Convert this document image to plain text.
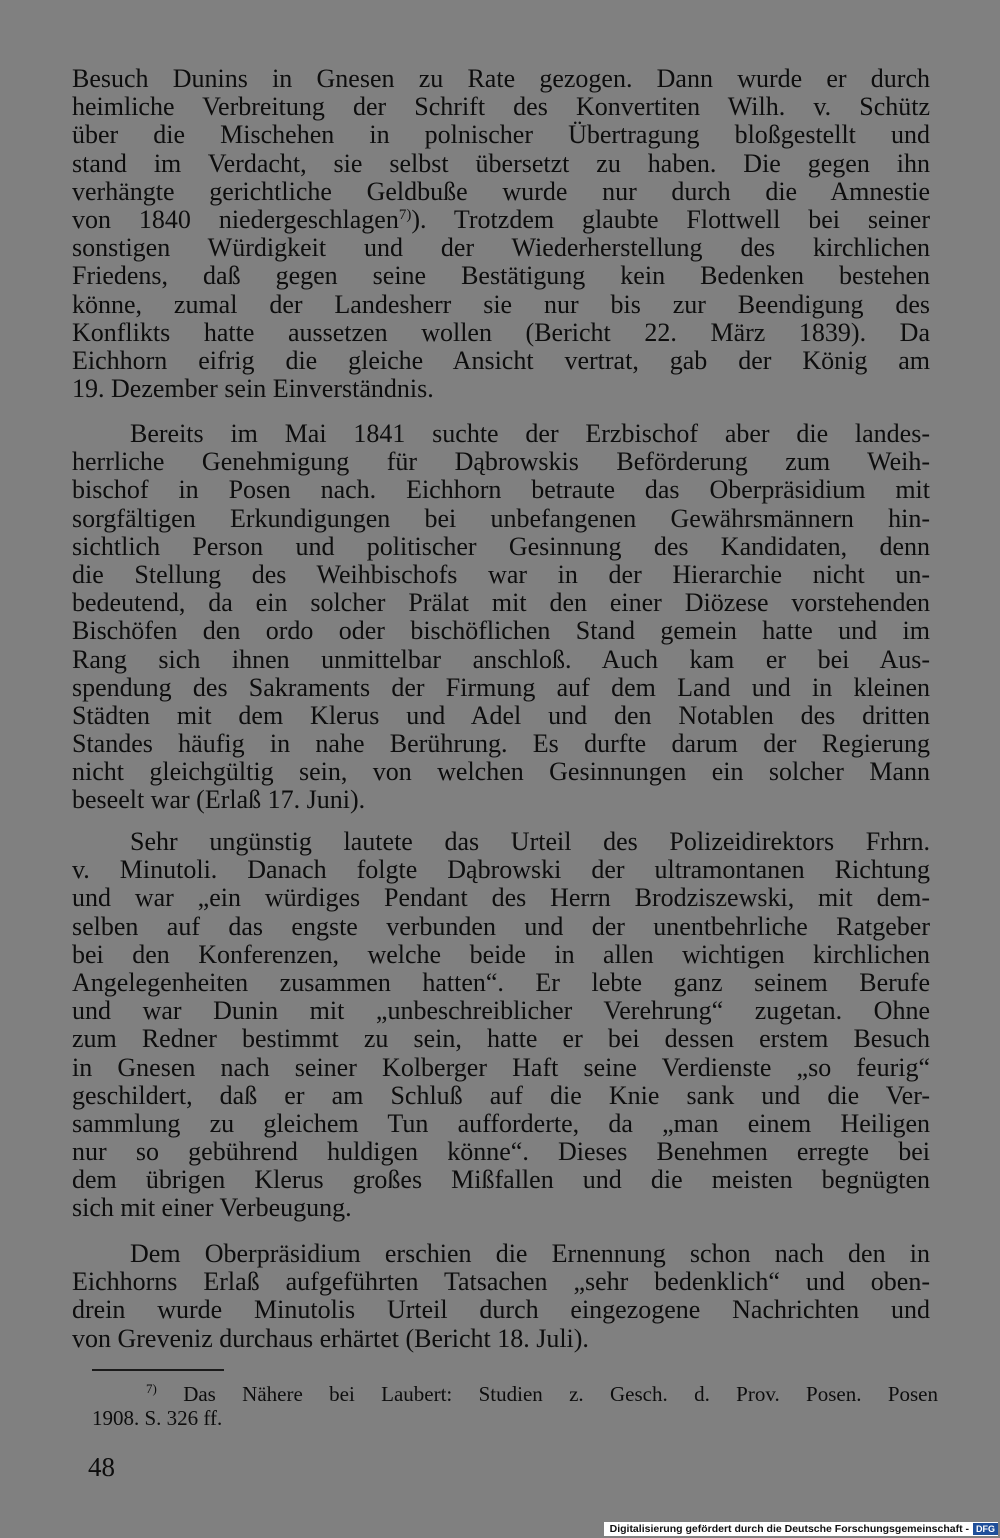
Besuch Dunins in Gnesen zu Rate gezogen. Dann wurde er durch
heimliche Verbreitung der Schrift des Konvertiten Wilh. v. Schütz
über die Mischehen in polnischer Übertragung bloßgestellt und
stand im Verdacht, sie selbst übersetzt zu haben. Die gegen ihn
verhängte gerichtliche Geldbuße wurde nur durch die Amnestie
von 1840 niedergeschlagen$^{7)}$). Trotzdem glaubte Flottwell bei seiner
sonstigen Würdigkeit und der Wiederherstellung des kirchlichen
Friedens, daß gegen seine Bestätigung kein Bedenken bestehen
könne, zumal der Landesherr sie nur bis zur Beendigung des
Konflikts hatte aussetzen wollen (Bericht 22. März 1839). Da
Eichhorn eifrig die gleiche Ansicht vertrat, gab der König am
19. Dezember sein Einverständnis.
Bereits im Mai 1841 suchte der Erzbischof aber die landes-
herrliche Genehmigung für Dąbrowskis Beförderung zum Weih-
bischof in Posen nach. Eichhorn betraute das Oberpräsidium mit
sorgfältigen Erkundigungen bei unbefangenen Gewährsmännern hin-
sichtlich Person und politischer Gesinnung des Kandidaten, denn
die Stellung des Weihbischofs war in der Hierarchie nicht un-
bedeutend, da ein solcher Prälat mit den einer Diözese vorstehenden
Bischöfen den ordo oder bischöflichen Stand gemein hatte und im
Rang sich ihnen unmittelbar anschloß. Auch kam er bei Aus-
spendung des Sakraments der Firmung auf dem Land und in kleinen
Städten mit dem Klerus und Adel und den Notablen des dritten
Standes häufig in nahe Berührung. Es durfte darum der Regierung
nicht gleichgültig sein, von welchen Gesinnungen ein solcher Mann
beseelt war (Erlaß 17. Juni).
Sehr ungünstig lautete das Urteil des Polizeidirektors Frhrn.
v. Minutoli. Danach folgte Dąbrowski der ultramontanen Richtung
und war „ein würdiges Pendant des Herrn Brodziszewski, mit dem-
selben auf das engste verbunden und der unentbehrliche Ratgeber
bei den Konferenzen, welche beide in allen wichtigen kirchlichen
Angelegenheiten zusammen hatten“. Er lebte ganz seinem Berufe
und war Dunin mit „unbeschreiblicher Verehrung“ zugetan. Ohne
zum Redner bestimmt zu sein, hatte er bei dessen erstem Besuch
in Gnesen nach seiner Kolberger Haft seine Verdienste „so feurig“
geschildert, daß er am Schluß auf die Knie sank und die Ver-
sammlung zu gleichem Tun aufforderte, da „man einem Heiligen
nur so gebührend huldigen könne“. Dieses Benehmen erregte bei
dem übrigen Klerus großes Mißfallen und die meisten begnügten
sich mit einer Verbeugung.
Dem Oberpräsidium erschien die Ernennung schon nach den in
Eichhorns Erlaß aufgeführten Tatsachen „sehr bedenklich“ und oben-
drein wurde Minutolis Urteil durch eingezogene Nachrichten und
von Greveniz durchaus erhärtet (Bericht 18. Juli).
$^{7)}$ Das Nähere bei Laubert: Studien z. Gesch. d. Prov. Posen. Posen
1908. S. 326 ff.
48
Digitalisierung gefördert durch die Deutsche Forschungsgemeinschaft - DFG
